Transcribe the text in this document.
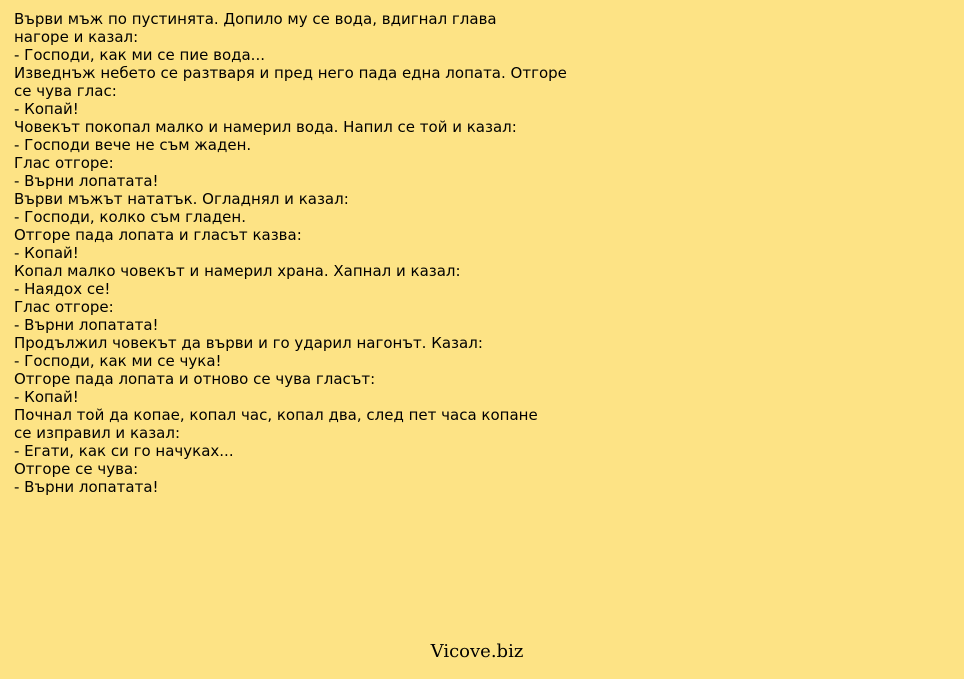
Върви мъж по пустинята. Допило му се вода, вдигнал глава
нагоре и казал:
- Господи, как ми се пие вода...
Изведнъж небето се разтваря и пред него пада една лопата. Отгоре
се чува глас:
- Копай!
Човекът покопал малко и намерил вода. Напил се той и казал:
- Господи вече не съм жаден.
Глас отгоре:
- Върни лопатата!
Върви мъжът нататък. Огладнял и казал:
- Господи, колко съм гладен.
Отгоре пада лопата и гласът казва:
- Копай!
Копал малко човекът и намерил храна. Хапнал и казал:
- Наядох се!
Глас отгоре:
- Върни лопатата!
Продължил човекът да върви и го ударил нагонът. Казал:
- Господи, как ми се чука!
Отгоре пада лопата и отново се чува гласът:
- Копай!
Почнал той да копае, копал час, копал два, след пет часа копане
се изправил и казал:
- Егати, как си го начуках...
Отгоре се чува:
- Върни лопатата!
Vicove.biz
